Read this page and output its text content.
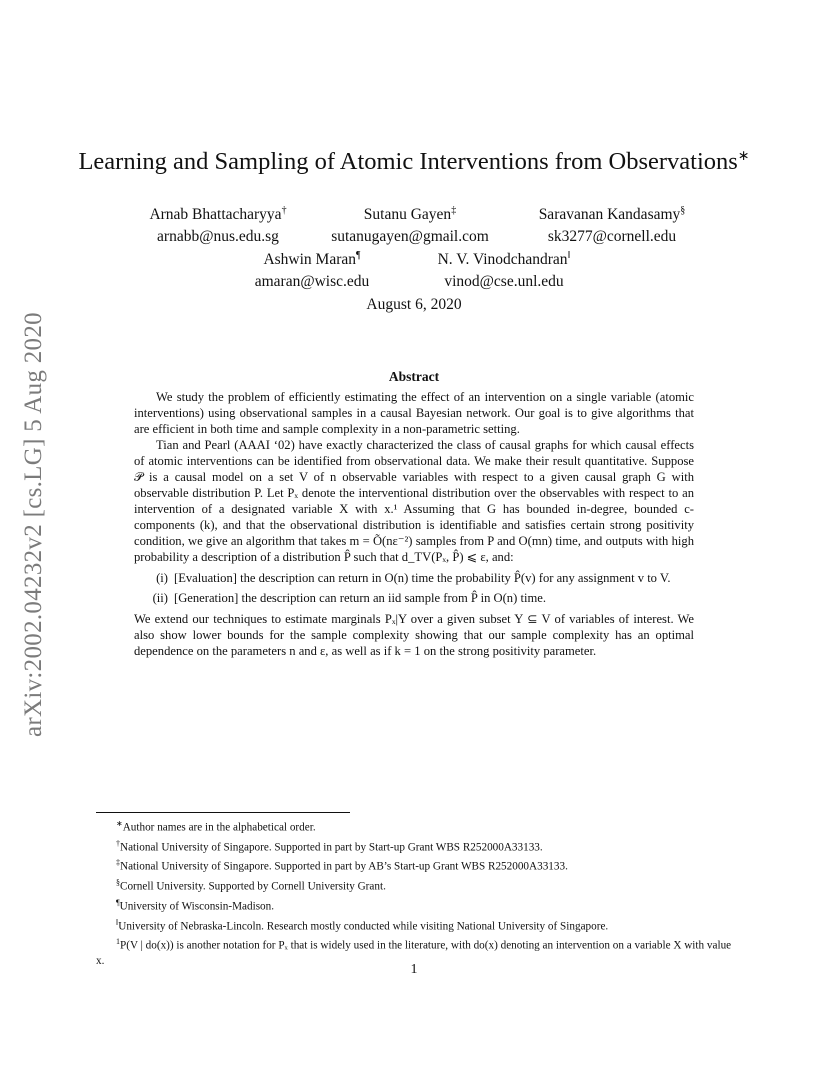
arXiv:2002.04232v2 [cs.LG] 5 Aug 2020
Learning and Sampling of Atomic Interventions from Observations∗
Arnab Bhattacharyya†
arnabb@nus.edu.sg
Sutanu Gayen‡
sutanugayen@gmail.com
Saravanan Kandasamy§
sk3277@cornell.edu
Ashwin Maran¶
amaran@wisc.edu
N. V. Vinodchandran‖
vinod@cse.unl.edu
August 6, 2020
Abstract

We study the problem of efficiently estimating the effect of an intervention on a single variable (atomic interventions) using observational samples in a causal Bayesian network. Our goal is to give algorithms that are efficient in both time and sample complexity in a non-parametric setting.

Tian and Pearl (AAAI ‘02) have exactly characterized the class of causal graphs for which causal effects of atomic interventions can be identified from observational data. We make their result quantitative. Suppose 𝒫 is a causal model on a set V of n observable variables with respect to a given causal graph G with observable distribution P. Let Pₓ denote the interventional distribution over the observables with respect to an intervention of a designated variable X with x.¹ Assuming that G has bounded in-degree, bounded c-components (k), and that the observational distribution is identifiable and satisfies certain strong positivity condition, we give an algorithm that takes m = Õ(nε⁻²) samples from P and O(mn) time, and outputs with high probability a description of a distribution P̂ such that d_TV(Pₓ, P̂) ⩽ ε, and:

(i) [Evaluation] the description can return in O(n) time the probability P̂(v) for any assignment v to V.
(ii) [Generation] the description can return an iid sample from P̂ in O(n) time.

We extend our techniques to estimate marginals Pₓ|Y over a given subset Y ⊆ V of variables of interest. We also show lower bounds for the sample complexity showing that our sample complexity has an optimal dependence on the parameters n and ε, as well as if k = 1 on the strong positivity parameter.

∗Author names are in the alphabetical order.
†National University of Singapore. Supported in part by Start-up Grant WBS R252000A33133.
‡National University of Singapore. Supported in part by AB’s Start-up Grant WBS R252000A33133.
§Cornell University. Supported by Cornell University Grant.
¶University of Wisconsin-Madison.
‖University of Nebraska-Lincoln. Research mostly conducted while visiting National University of Singapore.
$^1$P(V | do(x)) is another notation for Pₓ that is widely used in the literature, with do(x) denoting an intervention on a variable X with value x.
1
